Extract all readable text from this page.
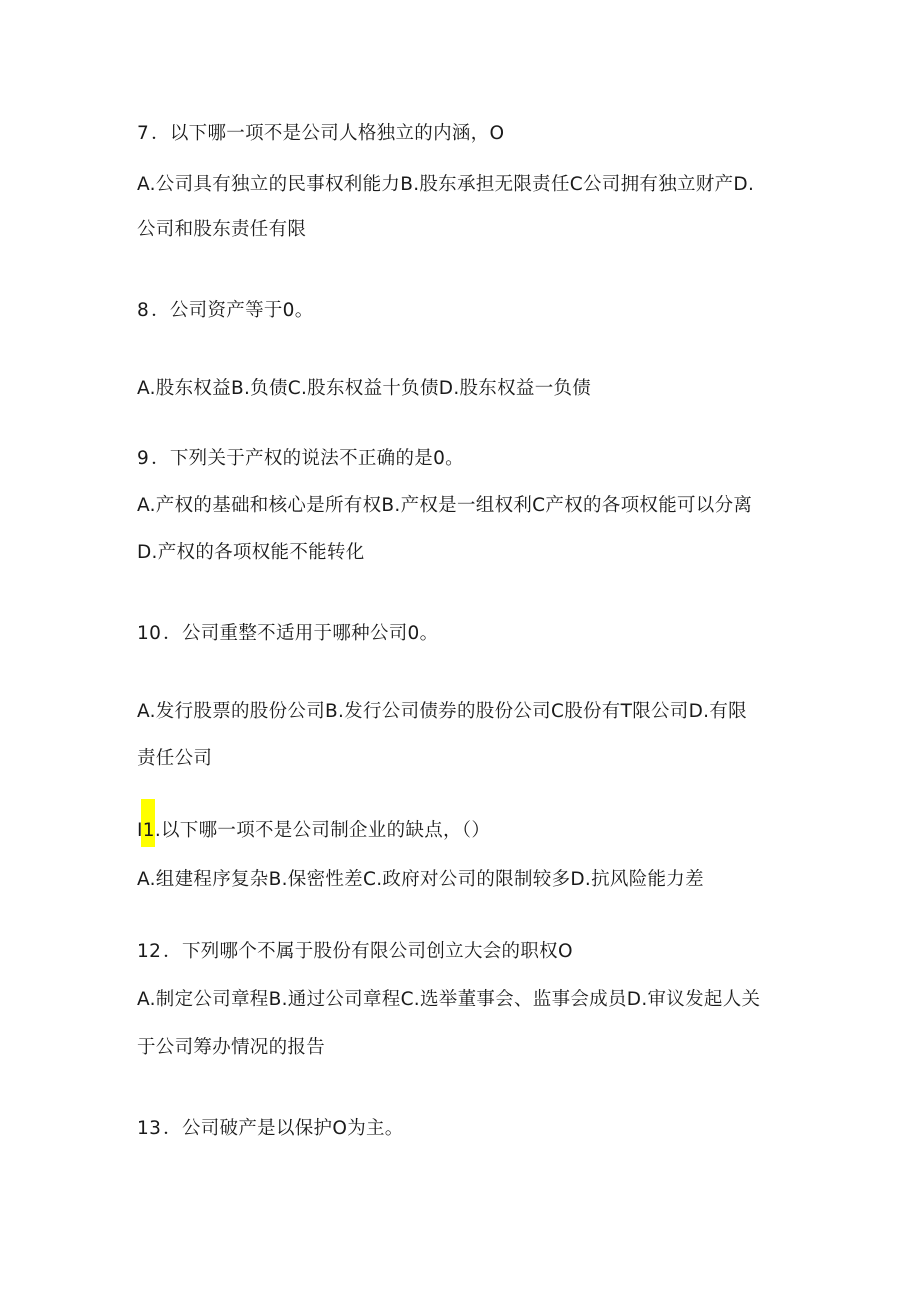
7 ．以下哪一项不是公司人格独立的内涵，O
A.公司具有独立的民事权利能力B.股东承担无限责任C公司拥有独立财产D.
公司和股东责任有限
8 ．公司资产等于0。
A.股东权益B.负债C.股东权益十负债D.股东权益一负债
9 ．下列关于产权的说法不正确的是0。
A.产权的基础和核心是所有权B.产权是一组权利C产权的各项权能可以分离
D.产权的各项权能不能转化
10 ．公司重整不适用于哪种公司0。
A.发行股票的股份公司B.发行公司债券的股份公司C股份有T限公司D.有限
责任公司
I1.以下哪一项不是公司制企业的缺点，（）
A.组建程序复杂B.保密性差C.政府对公司的限制较多D.抗风险能力差
12 ．下列哪个不属于股份有限公司创立大会的职权O
A.制定公司章程B.通过公司章程C.选举董事会、监事会成员D.审议发起人关
于公司筹办情况的报告
13 ．公司破产是以保护O为主。
